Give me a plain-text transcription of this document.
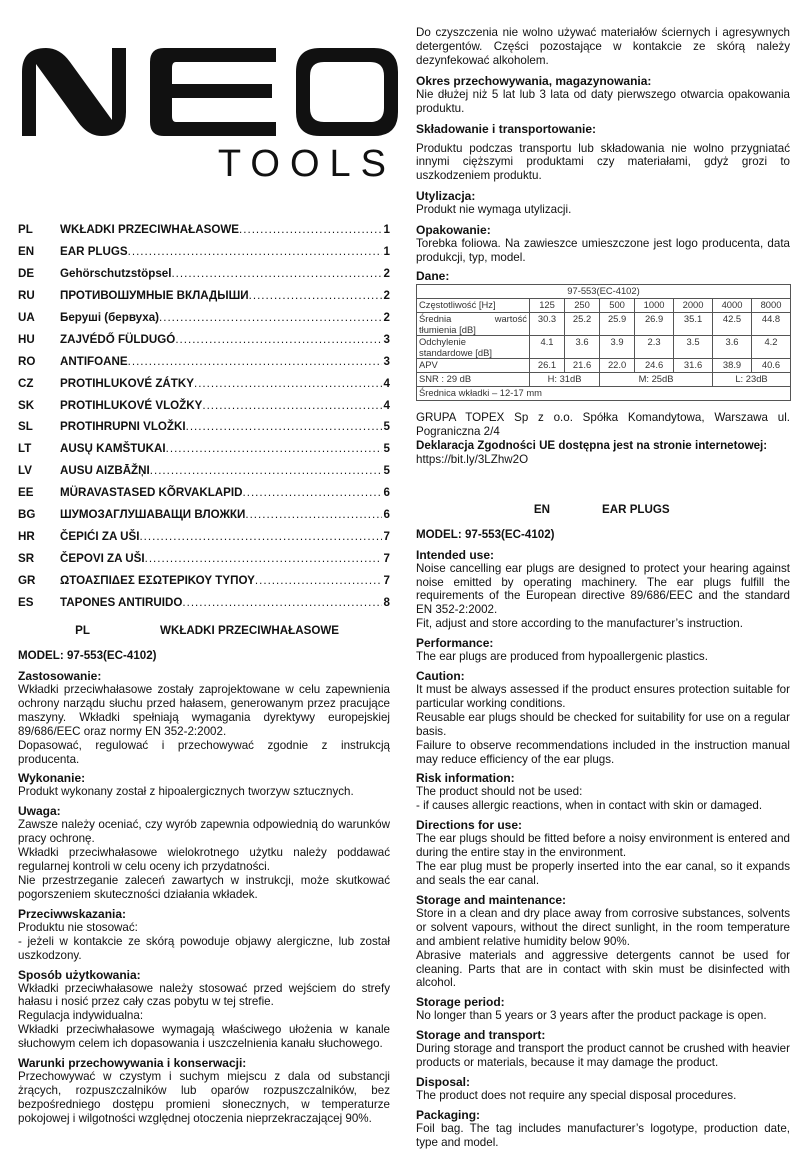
TOOLS
PL	WKŁADKI PRZECIWHAŁASOWE .....	1
EN	EAR PLUGS .....	1
DE	Gehörschutzstöpsel .....	2
RU	ПРОТИВОШУМНЫЕ ВКЛАДЫШИ .....	2
UA	Беруші (бервуха) .....	2
HU	ZAJVÉDŐ FÜLDUGÓ .....	3
RO	ANTIFOANE .....	3
CZ	PROTIHLUKOVÉ ZÁTKY .....	4
SK	PROTIHLUKOVÉ VLOŽKY .....	4
SL	PROTIHRUPNI VLOŽKI .....	5
LT	AUSŲ KAMŠTUKAI .....	5
LV	AUSU AIZBĀŽŅI .....	5
EE	MÜRAVASTASED KÕRVAKLAPID .....	6
BG	ШУМОЗАГЛУШАВАЩИ ВЛОЖКИ .....	6
HR	ČEPIĆI ZA UŠI .....	7
SR	ČEPOVI ZA UŠI .....	7
GR	ΩΤΟΑΣΠΙΔΕΣ ΕΣΩΤΕΡΙΚΟΥ ΤΥΠΟΥ .....	7
ES	TAPONES ANTIRUIDO .....	8
PL	WKŁADKI PRZECIWHAŁASOWE
MODEL: 97-553(EC-4102)
Zastosowanie:
Wkładki przeciwhałasowe zostały zaprojektowane w celu zapewnienia ochrony narządu słuchu przed hałasem, generowanym przez pracujące maszyny. Wkładki spełniają wymagania dyrektywy europejskiej 89/686/EEC oraz normy EN 352-2:2002.
Dopasować, regulować i przechowywać zgodnie z instrukcją producenta.
Wykonanie:
Produkt wykonany został z hipoalergicznych tworzyw sztucznych.
Uwaga:
Zawsze należy oceniać, czy wyrób zapewnia odpowiednią do warunków pracy ochronę.
Wkładki przeciwhałasowe wielokrotnego użytku należy poddawać regularnej kontroli w celu oceny ich przydatności.
Nie przestrzeganie zaleceń zawartych w instrukcji, może skutkować pogorszeniem skuteczności działania wkładek.
Przeciwwskazania:
Produktu nie stosować:
- jeżeli w kontakcie ze skórą powoduje objawy alergiczne, lub został uszkodzony.
Sposób użytkowania:
Wkładki przeciwhałasowe należy stosować przed wejściem do strefy hałasu i nosić przez cały czas pobytu w tej strefie.
Regulacja indywidualna:
Wkładki przeciwhałasowe wymagają właściwego ułożenia w kanale słuchowym celem ich dopasowania i uszczelnienia kanału słuchowego.
Warunki przechowywania i konserwacji:
Przechowywać w czystym i suchym miejscu z dala od substancji żrących, rozpuszczalników lub oparów rozpuszczalników, bez bezpośredniego dostępu promieni słonecznych, w temperaturze pokojowej i wilgotności względnej otoczenia nieprzekraczającej 90%.
Do czyszczenia nie wolno używać materiałów ściernych i agresywnych detergentów. Części pozostające w kontakcie ze skórą należy dezynfekować alkoholem.
Okres przechowywania, magazynowania:
Nie dłużej niż 5 lat lub 3 lata od daty pierwszego otwarcia opakowania produktu.
Składowanie i transportowanie:
Produktu podczas transportu lub składowania nie wolno przygniatać innymi cięższymi produktami czy materiałami, gdyż grozi to uszkodzeniem produktu.
Utylizacja:
Produkt nie wymaga utylizacji.
Opakowanie:
Torebka foliowa. Na zawieszce umieszczone jest logo producenta, data produkcji, typ, model.
Dane:
97-553(EC-4102)							
Częstotliwość [Hz]	125	250	500	1000	2000	4000	8000

Średnia wartość
tłumienia [dB]	30.3	25.2	25.9	26.9	35.1	42.5	44.8

Odchylenie
standardowe [dB]	4.1	3.6	3.9	2.3	3.5	3.6	4.2
APV	26.1	21.6	22.0	24.6	31.6	38.9	40.6
SNR : 29 dB	H: 31dB		M: 25dB			L: 23dB	
Średnica wkładki – 12-17 mm							
GRUPA TOPEX Sp z o.o. Spółka Komandytowa, Warszawa ul. Pograniczna 2/4
Deklaracja Zgodności UE dostępna jest na stronie internetowej:
https://bit.ly/3LZhw2O
EN	EAR PLUGS
MODEL: 97-553(EC-4102)
Intended use:
Noise cancelling ear plugs are designed to protect your hearing against noise emitted by operating machinery. The ear plugs fulfill the requirements of the European directive 89/686/EEC and the standard EN 352-2:2002.
Fit, adjust and store according to the manufacturer’s instruction.
Performance:
The ear plugs are produced from hypoallergenic plastics.
Caution:
It must be always assessed if the product ensures protection suitable for particular working conditions.
Reusable ear plugs should be checked for suitability for use on a regular basis.
Failure to observe recommendations included in the instruction manual may reduce efficiency of the ear plugs.
Risk information:
The product should not be used:
- if causes allergic reactions, when in contact with skin or damaged.
Directions for use:
The ear plugs should be fitted before a noisy environment is entered and during the entire stay in the environment.
The ear plug must be properly inserted into the ear canal, so it expands and seals the ear canal.
Storage and maintenance:
Store in a clean and dry place away from corrosive substances, solvents or solvent vapours, without the direct sunlight, in the room temperature and ambient relative humidity below 90%.
Abrasive materials and aggressive detergents cannot be used for cleaning. Parts that are in contact with skin must be disinfected with alcohol.
Storage period:
No longer than 5 years or 3 years after the product package is open.
Storage and transport:
During storage and transport the product cannot be crushed with heavier products or materials, because it may damage the product.
Disposal:
The product does not require any special disposal procedures.
Packaging:
Foil bag. The tag includes manufacturer’s logotype, production date, type and model.
